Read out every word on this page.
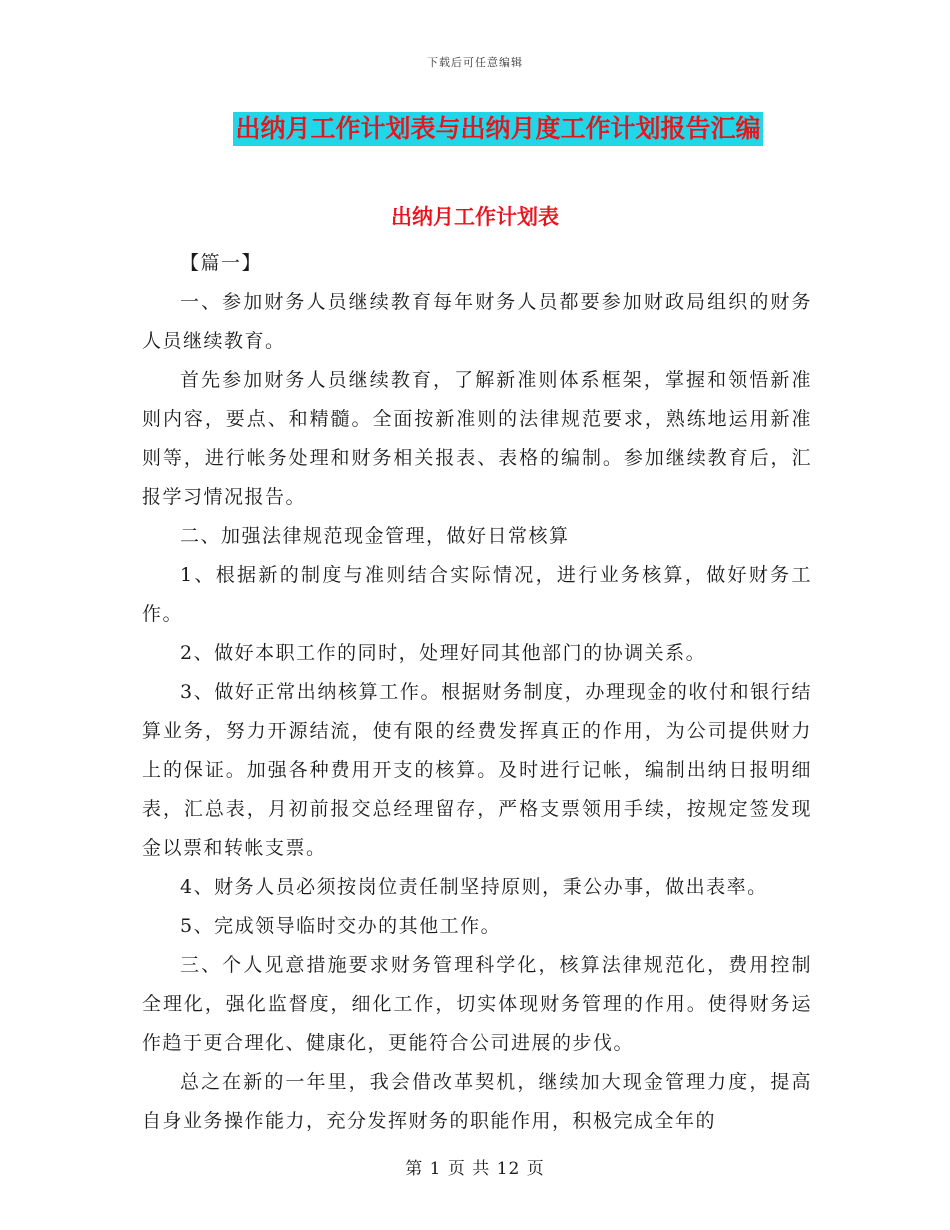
下载后可任意编辑
出纳月工作计划表与出纳月度工作计划报告汇编
出纳月工作计划表

【篇一】

一、参加财务人员继续教育每年财务人员都要参加财政局组织的财务人员继续教育。

首先参加财务人员继续教育，了解新准则体系框架，掌握和领悟新准则内容，要点、和精髓。全面按新准则的法律规范要求，熟练地运用新准则等，进行帐务处理和财务相关报表、表格的编制。参加继续教育后，汇报学习情况报告。

二、加强法律规范现金管理，做好日常核算

1、根据新的制度与准则结合实际情况，进行业务核算，做好财务工作。

2、做好本职工作的同时，处理好同其他部门的协调关系。

3、做好正常出纳核算工作。根据财务制度，办理现金的收付和银行结算业务，努力开源结流，使有限的经费发挥真正的作用，为公司提供财力上的保证。加强各种费用开支的核算。及时进行记帐，编制出纳日报明细表，汇总表，月初前报交总经理留存，严格支票领用手续，按规定签发现金以票和转帐支票。

4、财务人员必须按岗位责任制坚持原则，秉公办事，做出表率。

5、完成领导临时交办的其他工作。

三、个人见意措施要求财务管理科学化，核算法律规范化，费用控制全理化，强化监督度，细化工作，切实体现财务管理的作用。使得财务运作趋于更合理化、健康化，更能符合公司进展的步伐。

总之在新的一年里，我会借改革契机，继续加大现金管理力度，提高自身业务操作能力，充分发挥财务的职能作用，积极完成全年的

第 1 页 共 12 页
